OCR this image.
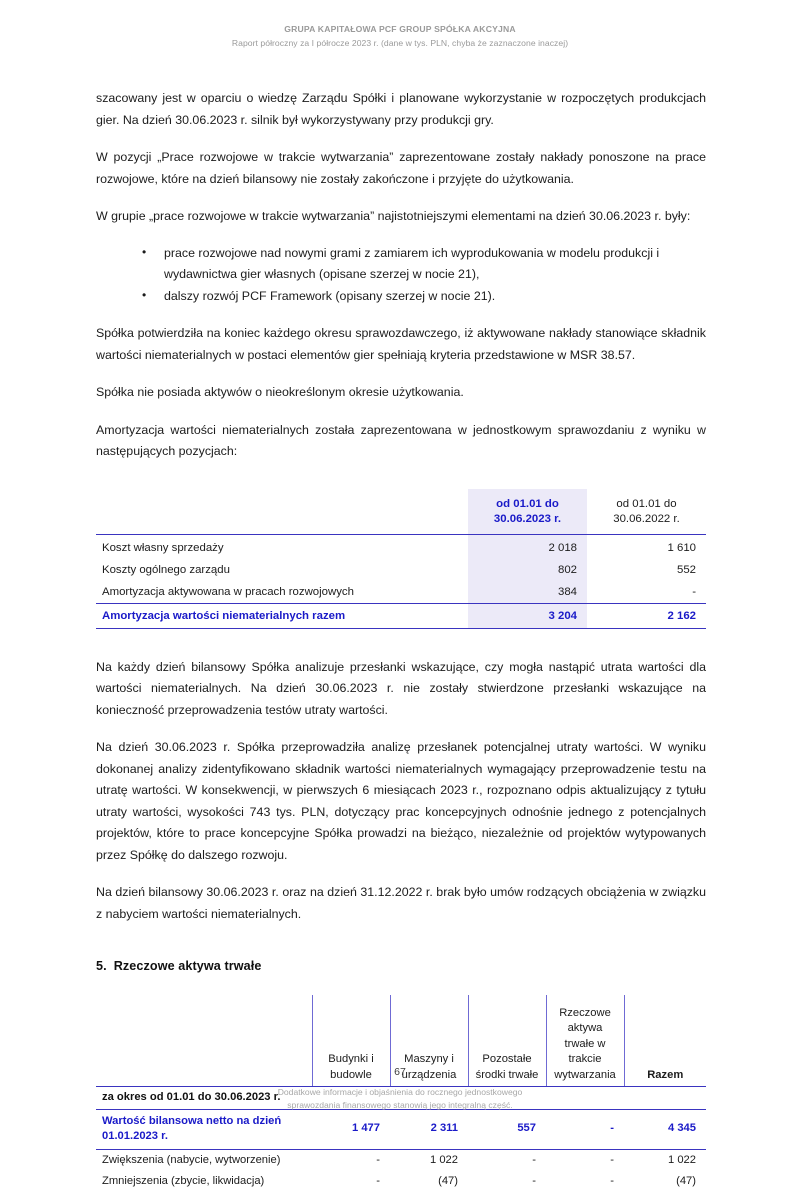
GRUPA KAPITAŁOWA PCF GROUP SPÓŁKA AKCYJNA
Raport półroczny za I półrocze 2023 r. (dane w tys. PLN, chyba że zaznaczone inaczej)

szacowany jest w oparciu o wiedzę Zarządu Spółki i planowane wykorzystanie w rozpoczętych produkcjach gier. Na dzień 30.06.2023 r. silnik był wykorzystywany przy produkcji gry.

W pozycji „Prace rozwojowe w trakcie wytwarzania” zaprezentowane zostały nakłady ponoszone na prace rozwojowe, które na dzień bilansowy nie zostały zakończone i przyjęte do użytkowania.

W grupie „prace rozwojowe w trakcie wytwarzania” najistotniejszymi elementami na dzień 30.06.2023 r. były:

• prace rozwojowe nad nowymi grami z zamiarem ich wyprodukowania w modelu produkcji i wydawnictwa gier własnych (opisane szerzej w nocie 21),
• dalszy rozwój PCF Framework (opisany szerzej w nocie 21).

Spółka potwierdziła na koniec każdego okresu sprawozdawczego, iż aktywowane nakłady stanowiące składnik wartości niematerialnych w postaci elementów gier spełniają kryteria przedstawione w MSR 38.57.

Spółka nie posiada aktywów o nieokreślonym okresie użytkowania.

Amortyzacja wartości niematerialnych została zaprezentowana w jednostkowym sprawozdaniu z wyniku w następujących pozycjach:

	od 01.01 do
30.06.2023 r.	od 01.01 do
30.06.2022 r.
Koszt własny sprzedaży	2 018	1 610
Koszty ogólnego zarządu	802	552
Amortyzacja aktywowana w pracach rozwojowych	384	-
Amortyzacja wartości niematerialnych razem	3 204	2 162

Na każdy dzień bilansowy Spółka analizuje przesłanki wskazujące, czy mogła nastąpić utrata wartości dla wartości niematerialnych. Na dzień 30.06.2023 r. nie zostały stwierdzone przesłanki wskazujące na konieczność przeprowadzenia testów utraty wartości.

Na dzień 30.06.2023 r. Spółka przeprowadziła analizę przesłanek potencjalnej utraty wartości. W wyniku dokonanej analizy zidentyfikowano składnik wartości niematerialnych wymagający przeprowadzenie testu na utratę wartości. W konsekwencji, w pierwszych 6 miesiącach 2023 r., rozpoznano odpis aktualizujący z tytułu utraty wartości, wysokości 743 tys. PLN, dotyczący prac koncepcyjnych odnośnie jednego z potencjalnych projektów, które to prace koncepcyjne Spółka prowadzi na bieżąco, niezależnie od projektów wytypowanych przez Spółkę do dalszego rozwoju.

Na dzień bilansowy 30.06.2023 r. oraz na dzień 31.12.2022 r. brak było umów rodzących obciążenia w związku z nabyciem wartości niematerialnych.

5. Rzeczowe aktywa trwałe
	Budynki i budowle	Maszyny i urządzenia	Pozostałe środki trwałe	Rzeczowe aktywa trwałe w trakcie wytwarzania	Razem
za okres od 01.01 do 30.06.2023 r.					
Wartość bilansowa netto na dzień 01.01.2023 r.	1 477	2 311	557	-	4 345
Zwiększenia (nabycie, wytworzenie)	-	1 022	-	-	1 022
Zmniejszenia (zbycie, likwidacja)	-	(47)	-	-	(47)
67
Dodatkowe informacje i objaśnienia do rocznego jednostkowego
sprawozdania finansowego stanowią jego integralną część.
